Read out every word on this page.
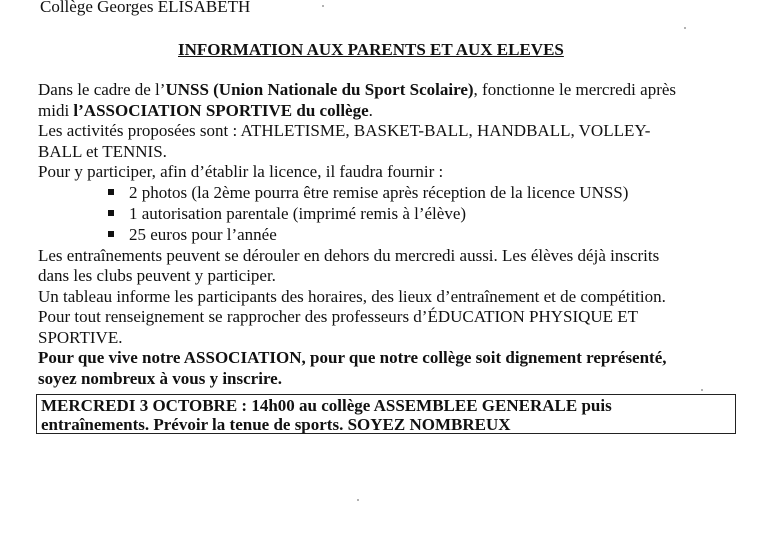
Collège Georges ELISABETH
INFORMATION AUX PARENTS ET AUX ELEVES
Dans le cadre de l’UNSS (Union Nationale du Sport Scolaire), fonctionne le mercredi après
midi l’ASSOCIATION SPORTIVE du collège.
Les activités proposées sont : ATHLETISME, BASKET-BALL, HANDBALL, VOLLEY-
BALL et TENNIS.
Pour y participer, afin d’établir la licence, il faudra fournir :
2 photos (la 2ème pourra être remise après réception de la licence UNSS)
1 autorisation parentale (imprimé remis à l’élève)
25 euros pour l’année
Les entraînements peuvent se dérouler en dehors du mercredi aussi. Les élèves déjà inscrits
dans les clubs peuvent y participer.
Un tableau informe les participants des horaires, des lieux d’entraînement et de compétition.
Pour tout renseignement se rapprocher des professeurs d’ÉDUCATION PHYSIQUE ET
SPORTIVE.
Pour que vive notre ASSOCIATION, pour que notre collège soit dignement représenté,
soyez nombreux à vous y inscrire.
MERCREDI 3 OCTOBRE : 14h00 au collège ASSEMBLEE GENERALE puis
entraînements. Prévoir la tenue de sports. SOYEZ NOMBREUX
